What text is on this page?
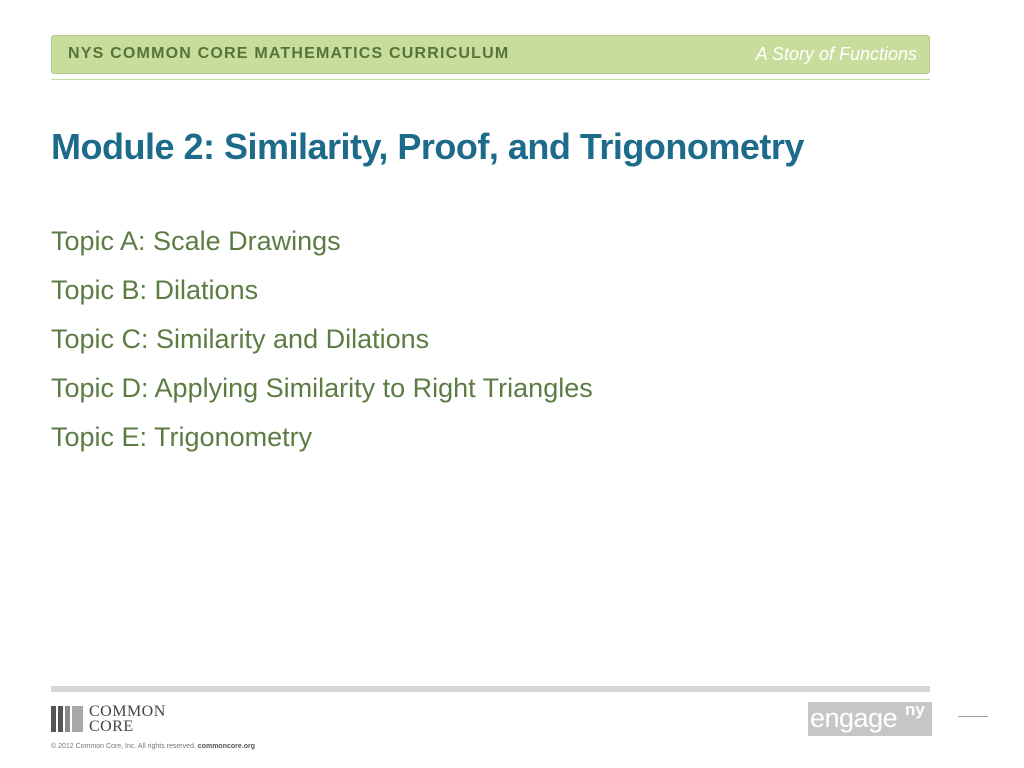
NYS COMMON CORE MATHEMATICS CURRICULUM	A Story of Functions
Module 2: Similarity, Proof, and Trigonometry
Topic A: Scale Drawings
Topic B: Dilations
Topic C: Similarity and Dilations
Topic D: Applying Similarity to Right Triangles
Topic E: Trigonometry
COMMON
CORE
© 2012 Common Core, Inc. All rights reserved. commoncore.org
engage ny
